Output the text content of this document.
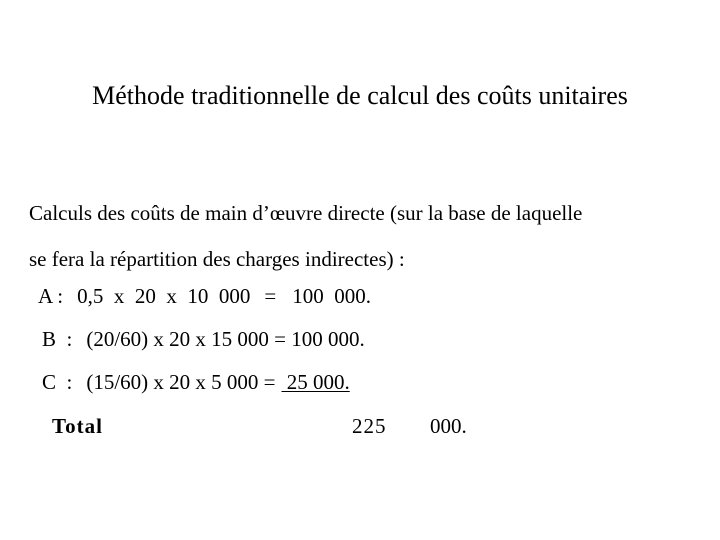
Méthode traditionnelle de calcul des coûts unitaires
Calculs des coûts de main d’œuvre directe (sur la base de laquelle
se fera la répartition des charges indirectes) :
A : 0,5  x  20  x  10  000 = 100  000.
B  : (20/60) x 20 x 15 000 = 100 000.
C  : (15/60) x 20 x 5 000 = 25 000.
Total	225 000.
